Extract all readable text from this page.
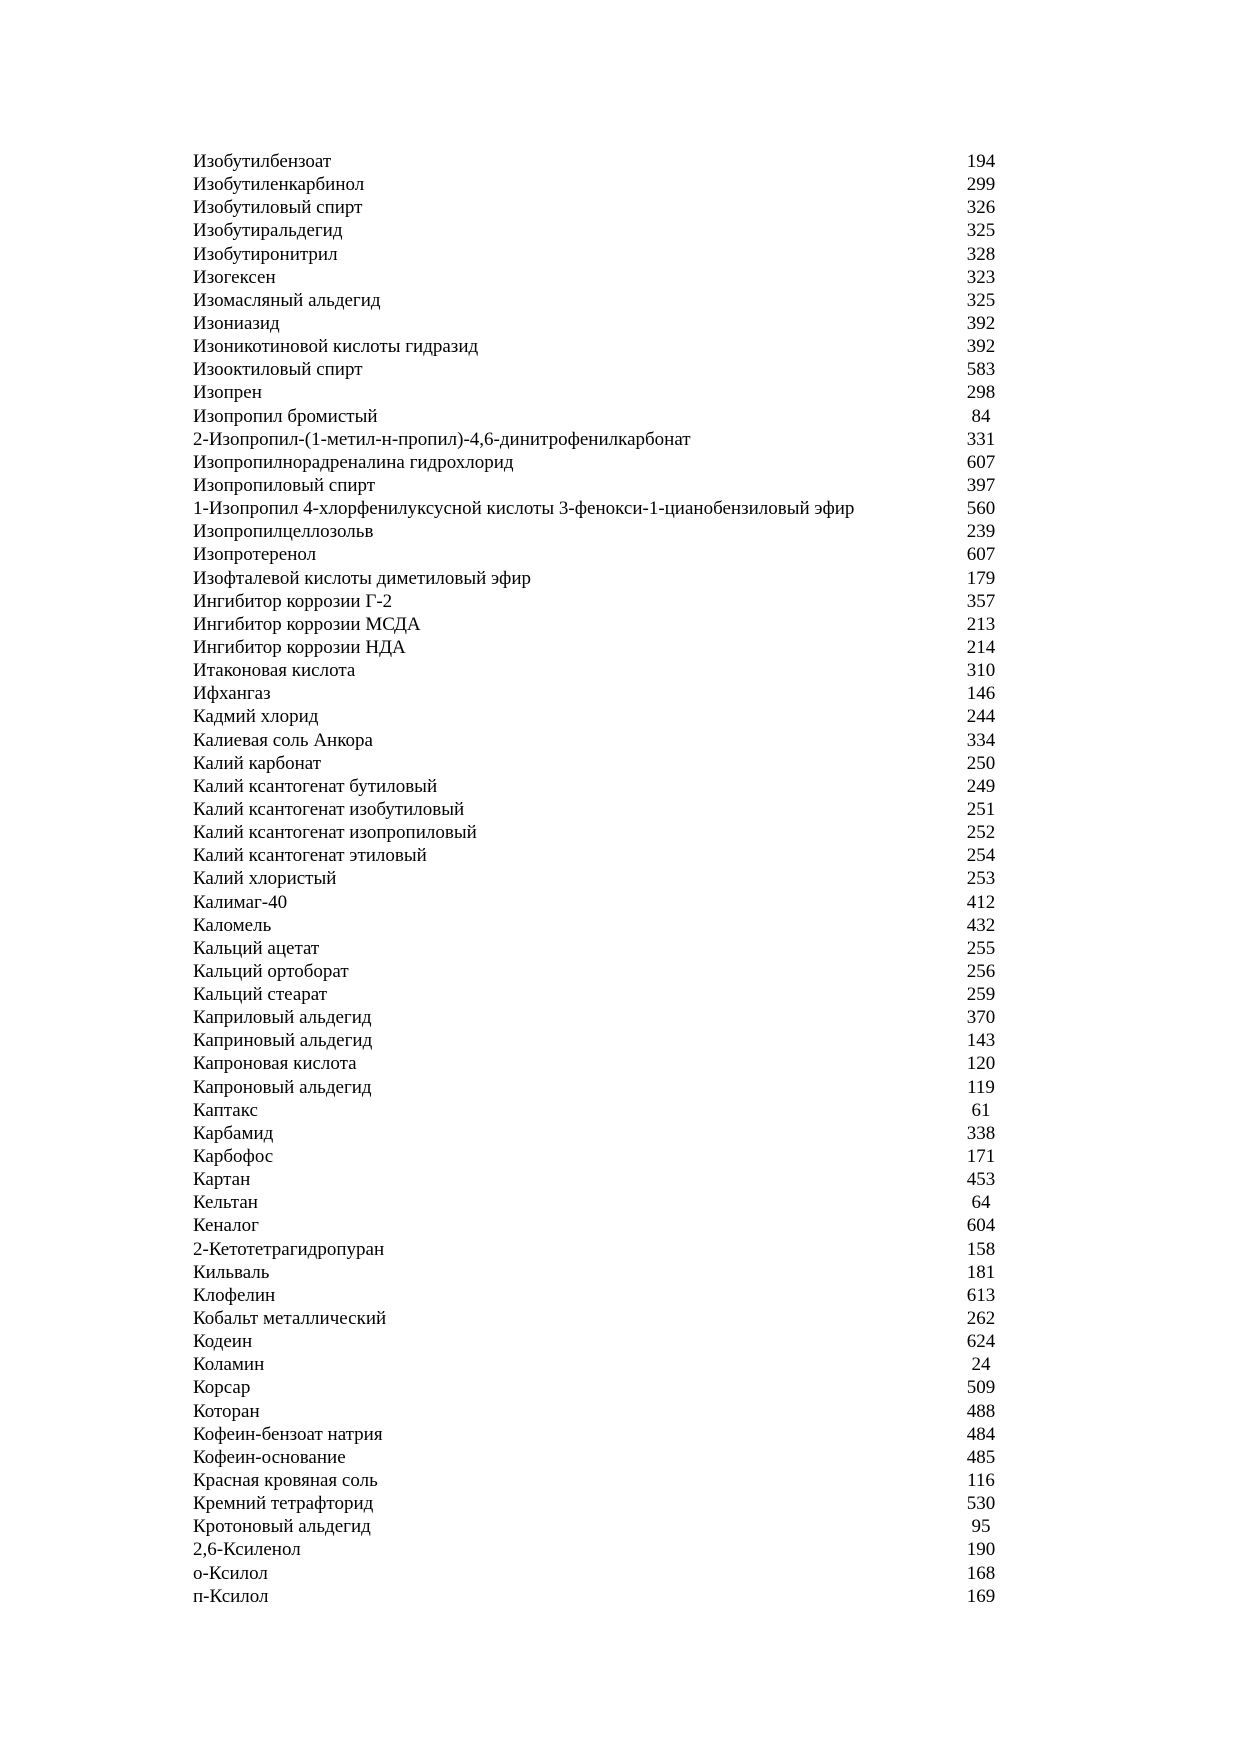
Изобутилбензоат	194
Изобутиленкарбинол	299
Изобутиловый спирт	326
Изобутиральдегид	325
Изобутиронитрил	328
Изогексен	323
Изомасляный альдегид	325
Изониазид	392
Изоникотиновой кислоты гидразид	392
Изооктиловый спирт	583
Изопрен	298
Изопропил бромистый	84
2-Изопропил-(1-метил-н-пропил)-4,6-динитрофенилкарбонат	331
Изопропилнорадреналина гидрохлорид	607
Изопропиловый спирт	397
1-Изопропил 4-хлорфенилуксусной кислоты 3-фенокси-1-цианобензиловый эфир	560
Изопропилцеллозольв	239
Изопротеренол	607
Изофталевой кислоты диметиловый эфир	179
Ингибитор коррозии Г-2	357
Ингибитор коррозии МСДА	213
Ингибитор коррозии НДА	214
Итаконовая кислота	310
Ифхангаз	146
Кадмий хлорид	244
Калиевая соль Анкора	334
Калий карбонат	250
Калий ксантогенат бутиловый	249
Калий ксантогенат изобутиловый	251
Калий ксантогенат изопропиловый	252
Калий ксантогенат этиловый	254
Калий хлористый	253
Калимаг-40	412
Каломель	432
Кальций ацетат	255
Кальций ортоборат	256
Кальций стеарат	259
Каприловый альдегид	370
Каприновый альдегид	143
Капроновая кислота	120
Капроновый альдегид	119
Каптакс	61
Карбамид	338
Карбофос	171
Картан	453
Кельтан	64
Кеналог	604
2-Кетотетрагидропуран	158
Кильваль	181
Клофелин	613
Кобальт металлический	262
Кодеин	624
Коламин	24
Корсар	509
Которан	488
Кофеин-бензоат натрия	484
Кофеин-основание	485
Красная кровяная соль	116
Кремний тетрафторид	530
Кротоновый альдегид	95
2,6-Ксиленол	190
о-Ксилол	168
п-Ксилол	169
